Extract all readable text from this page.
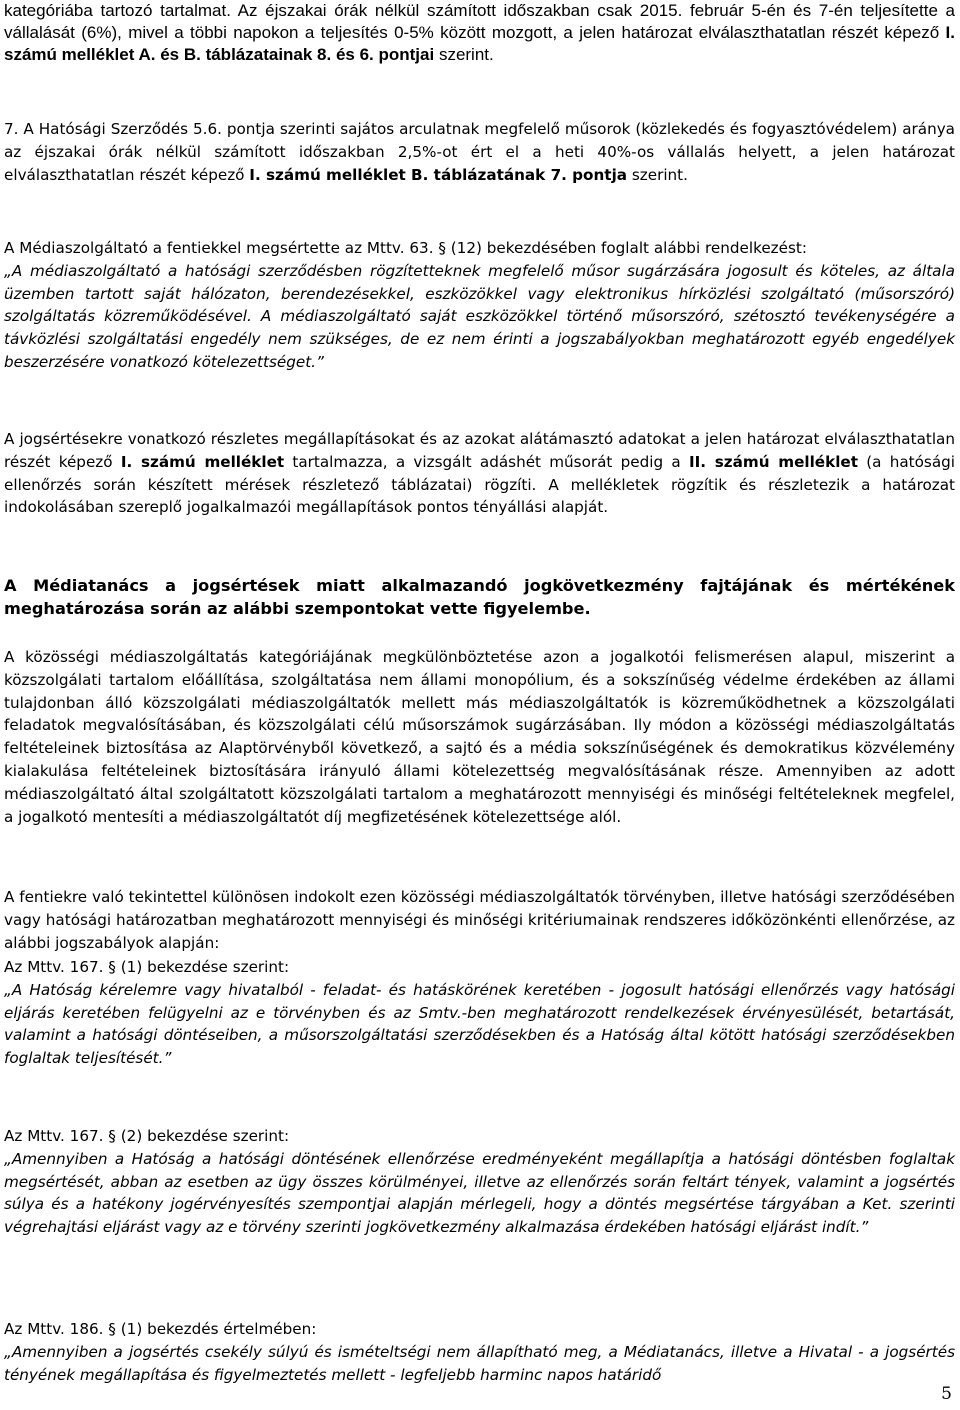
kategóriába tartozó tartalmat. Az éjszakai órák nélkül számított időszakban csak 2015. február 5-én és 7-én teljesítette a vállalását (6%), mivel a többi napokon a teljesítés 0-5% között mozgott, a jelen határozat elválaszthatatlan részét képező I. számú melléklet A. és B. táblázatainak 8. és 6. pontjai szerint.

7. A Hatósági Szerződés 5.6. pontja szerinti sajátos arculatnak megfelelő műsorok (közlekedés és fogyasztóvédelem) aránya az éjszakai órák nélkül számított időszakban 2,5%-ot ért el a heti 40%-os vállalás helyett, a jelen határozat elválaszthatatlan részét képező I. számú melléklet B. táblázatának 7. pontja szerint.

A Médiaszolgáltató a fentiekkel megsértette az Mttv. 63. § (12) bekezdésében foglalt alábbi rendelkezést:

„A médiaszolgáltató a hatósági szerződésben rögzítetteknek megfelelő műsor sugárzására jogosult és köteles, az általa üzemben tartott saját hálózaton, berendezésekkel, eszközökkel vagy elektronikus hírközlési szolgáltató (műsorszóró) szolgáltatás közreműködésével. A médiaszolgáltató saját eszközökkel történő műsorszóró, szétosztó tevékenységére a távközlési szolgáltatási engedély nem szükséges, de ez nem érinti a jogszabályokban meghatározott egyéb engedélyek beszerzésére vonatkozó kötelezettséget.”

A jogsértésekre vonatkozó részletes megállapításokat és az azokat alátámasztó adatokat a jelen határozat elválaszthatatlan részét képező I. számú melléklet tartalmazza, a vizsgált adáshét műsorát pedig a II. számú melléklet (a hatósági ellenőrzés során készített mérések részletező táblázatai) rögzíti. A mellékletek rögzítik és részletezik a határozat indokolásában szereplő jogalkalmazói megállapítások pontos tényállási alapját.

A Médiatanács a jogsértések miatt alkalmazandó jogkövetkezmény fajtájának és mértékének meghatározása során az alábbi szempontokat vette figyelembe.

A közösségi médiaszolgáltatás kategóriájának megkülönböztetése azon a jogalkotói felismerésen alapul, miszerint a közszolgálati tartalom előállítása, szolgáltatása nem állami monopólium, és a sokszínűség védelme érdekében az állami tulajdonban álló közszolgálati médiaszolgáltatók mellett más médiaszolgáltatók is közreműködhetnek a közszolgálati feladatok megvalósításában, és közszolgálati célú műsorszámok sugárzásában. Ily módon a közösségi médiaszolgáltatás feltételeinek biztosítása az Alaptörvényből következő, a sajtó és a média sokszínűségének és demokratikus közvélemény kialakulása feltételeinek biztosítására irányuló állami kötelezettség megvalósításának része. Amennyiben az adott médiaszolgáltató által szolgáltatott közszolgálati tartalom a meghatározott mennyiségi és minőségi feltételeknek megfelel, a jogalkotó mentesíti a médiaszolgáltatót díj megfizetésének kötelezettsége alól.

A fentiekre való tekintettel különösen indokolt ezen közösségi médiaszolgáltatók törvényben, illetve hatósági szerződésében vagy hatósági határozatban meghatározott mennyiségi és minőségi kritériumainak rendszeres időközönkénti ellenőrzése, az alábbi jogszabályok alapján:

Az Mttv. 167. § (1) bekezdése szerint:

„A Hatóság kérelemre vagy hivatalból - feladat- és hatáskörének keretében - jogosult hatósági ellenőrzés vagy hatósági eljárás keretében felügyelni az e törvényben és az Smtv.-ben meghatározott rendelkezések érvényesülését, betartását, valamint a hatósági döntéseiben, a műsorszolgáltatási szerződésekben és a Hatóság által kötött hatósági szerződésekben foglaltak teljesítését.”

Az Mttv. 167. § (2) bekezdése szerint:

„Amennyiben a Hatóság a hatósági döntésének ellenőrzése eredményeként megállapítja a hatósági döntésben foglaltak megsértését, abban az esetben az ügy összes körülményei, illetve az ellenőrzés során feltárt tények, valamint a jogsértés súlya és a hatékony jogérvényesítés szempontjai alapján mérlegeli, hogy a döntés megsértése tárgyában a Ket. szerinti végrehajtási eljárást vagy az e törvény szerinti jogkövetkezmény alkalmazása érdekében hatósági eljárást indít.”

Az Mttv. 186. § (1) bekezdés értelmében:

„Amennyiben a jogsértés csekély súlyú és ismételtségi nem állapítható meg, a Médiatanács, illetve a Hivatal - a jogsértés tényének megállapítása és figyelmeztetés mellett - legfeljebb harminc napos határidő

5
